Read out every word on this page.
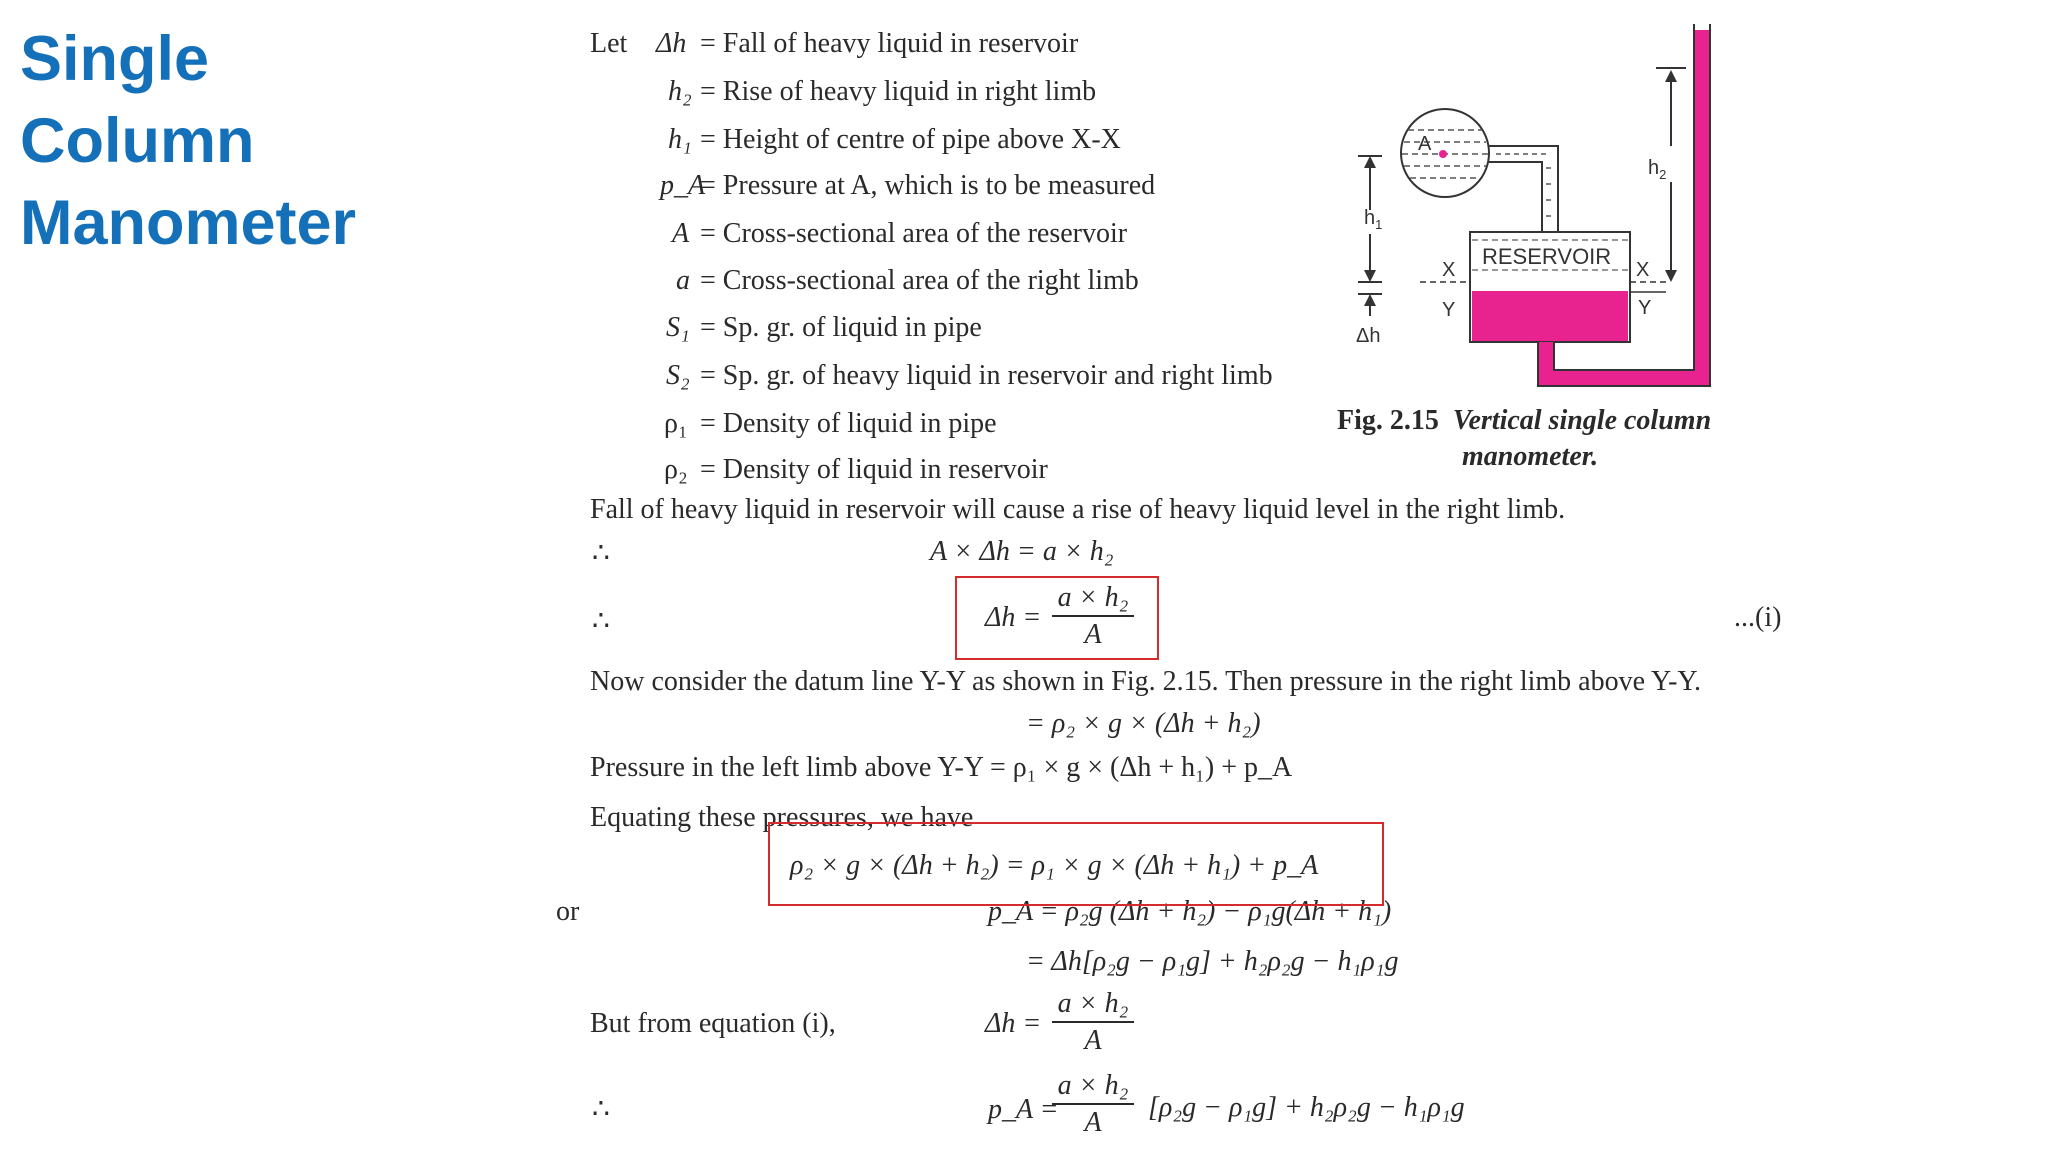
Single Column Manometer
Let Δh = Fall of heavy liquid in reservoir
h₂ = Rise of heavy liquid in right limb
h₁ = Height of centre of pipe above X-X
p_A
= Pressure at A, which is to be measured
A = Cross-sectional area of the reservoir
a = Cross-sectional area of the right limb
S₁ = Sp. gr. of liquid in pipe
S₂ = Sp. gr. of heavy liquid in reservoir and right limb
ρ₁ = Density of liquid in pipe
ρ₂ = Density of liquid in reservoir
A
RESERVOIR
X	X
Y	Y
$h_1$
Δh
$h_2$
Fig. 2.15 Vertical single column
manometer.
Fall of heavy liquid in reservoir will cause a rise of heavy liquid level in the right limb.
∴	A × Δh = a × h₂
∴	Δh =
a × h₂
A
...(i)
Now consider the datum line Y-Y as shown in Fig. 2.15. Then pressure in the right limb above Y-Y.
= ρ₂ × g × (Δh + h₂)
Pressure in the left limb above Y-Y = ρ₁ × g × (Δh + h₁) + p_A
Equating these pressures, we have
ρ₂ × g × (Δh + h₂) = ρ₁ × g × (Δh + h₁) + p_A
or	p_A = ρ₂g (Δh + h₂) − ρ₁g(Δh + h₁)
= Δh[ρ₂g − ρ₁g] + h₂ρ₂g − h₁ρ₁g
But from equation (i),	Δh =
a × h₂
A
∴	p_A =
a × h₂
A	[ρ₂g − ρ₁g] + h₂ρ₂g − h₁ρ₁g
